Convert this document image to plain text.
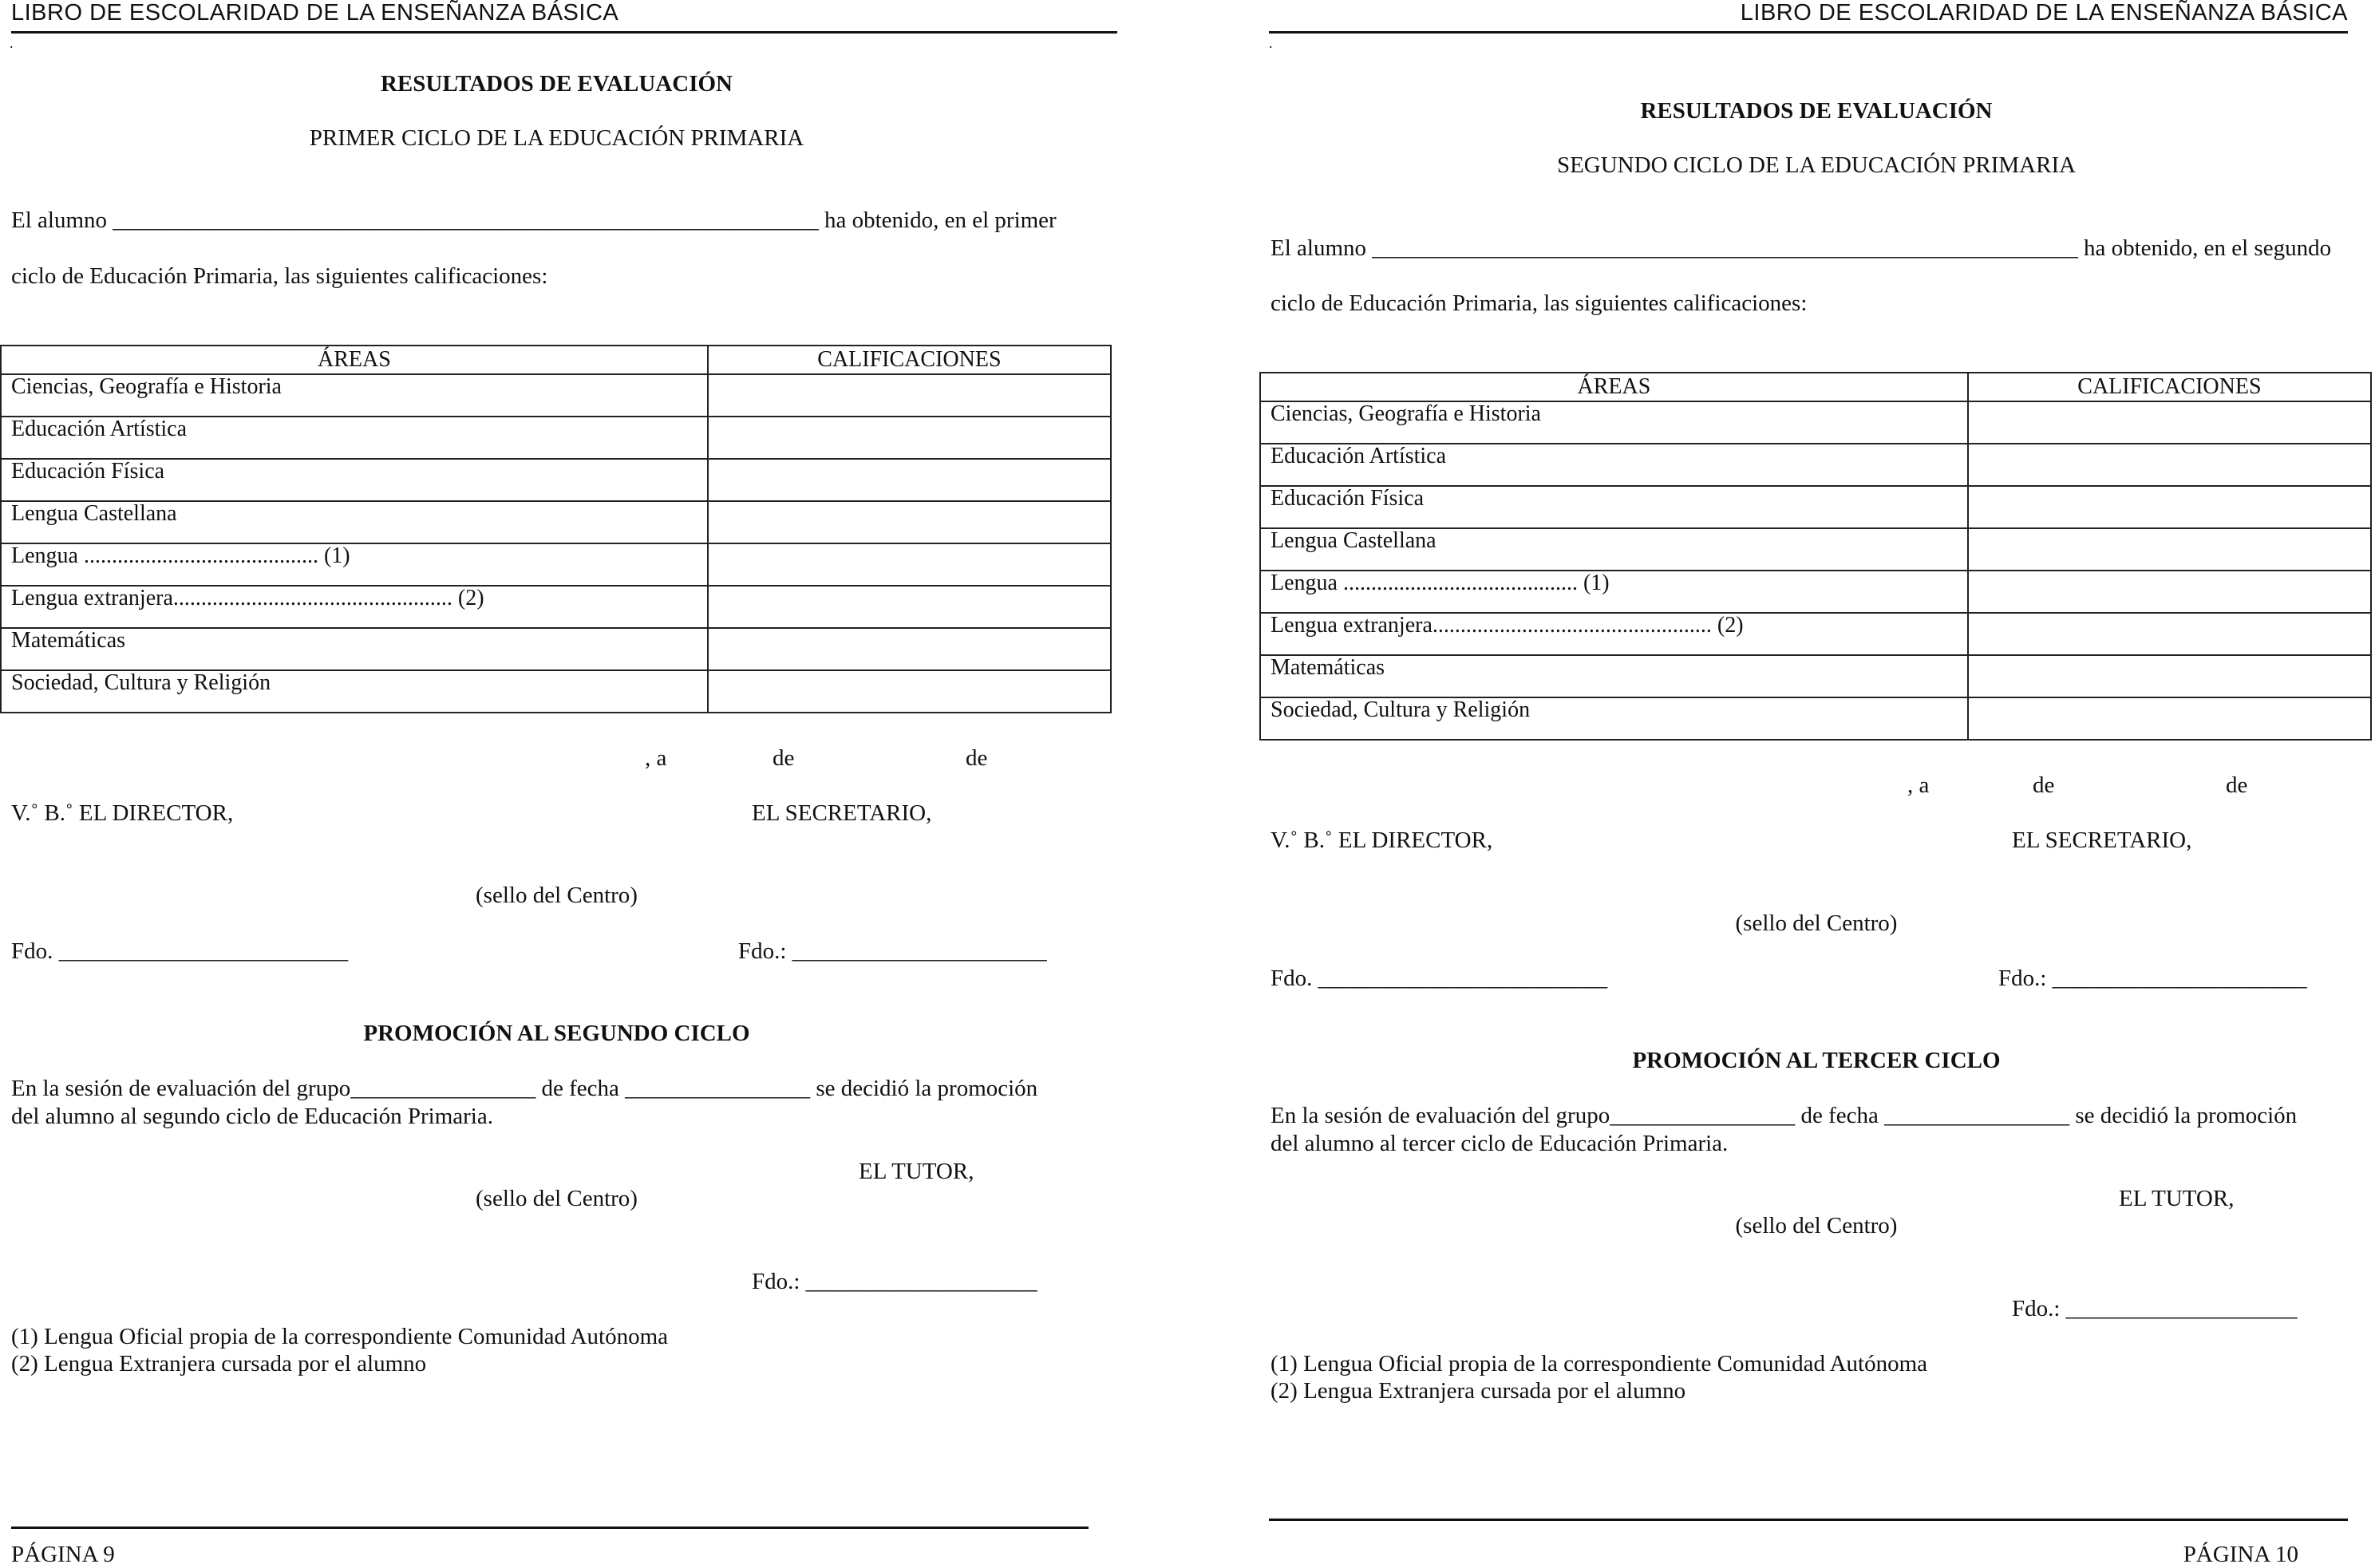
LIBRO DE ESCOLARIDAD DE LA ENSEÑANZA BÁSICA
.
RESULTADOS DE EVALUACIÓN
PRIMER CICLO DE LA EDUCACIÓN PRIMARIA
El alumno _____________________________________________________________ ha obtenido, en el primer
ciclo de Educación Primaria, las siguientes calificaciones:
ÁREAS	CALIFICACIONES
Ciencias, Geografía e Historia	
Educación Artística	
Educación Física	
Lengua Castellana	
Lengua .......................................... (1)	
Lengua extranjera.................................................. (2)	
Matemáticas	
Sociedad, Cultura y Religión	
, a	de	de
V.˚ B.˚ EL DIRECTOR,	EL SECRETARIO,
(sello del Centro)
Fdo. _________________________	Fdo.: ______________________
PROMOCIÓN AL SEGUNDO CICLO
En la sesión de evaluación del grupo________________ de fecha ________________ se decidió la promoción
del alumno al segundo ciclo de Educación Primaria.
EL TUTOR,
(sello del Centro)
Fdo.: ____________________
(1) Lengua Oficial propia de la correspondiente Comunidad Autónoma
(2) Lengua Extranjera cursada por el alumno
PÁGINA 9
LIBRO DE ESCOLARIDAD DE LA ENSEÑANZA BÁSICA
.
RESULTADOS DE EVALUACIÓN
SEGUNDO CICLO DE LA EDUCACIÓN PRIMARIA
El alumno _____________________________________________________________ ha obtenido, en el segundo
ciclo de Educación Primaria, las siguientes calificaciones:
ÁREAS	CALIFICACIONES
Ciencias, Geografía e Historia	
Educación Artística	
Educación Física	
Lengua Castellana	
Lengua .......................................... (1)	
Lengua extranjera.................................................. (2)	
Matemáticas	
Sociedad, Cultura y Religión	
, a	de	de
V.˚ B.˚ EL DIRECTOR,	EL SECRETARIO,
(sello del Centro)
Fdo. _________________________	Fdo.: ______________________
PROMOCIÓN AL TERCER CICLO
En la sesión de evaluación del grupo________________ de fecha ________________ se decidió la promoción
del alumno al tercer ciclo de Educación Primaria.
EL TUTOR,
(sello del Centro)
Fdo.: ____________________
(1) Lengua Oficial propia de la correspondiente Comunidad Autónoma
(2) Lengua Extranjera cursada por el alumno
PÁGINA 10
